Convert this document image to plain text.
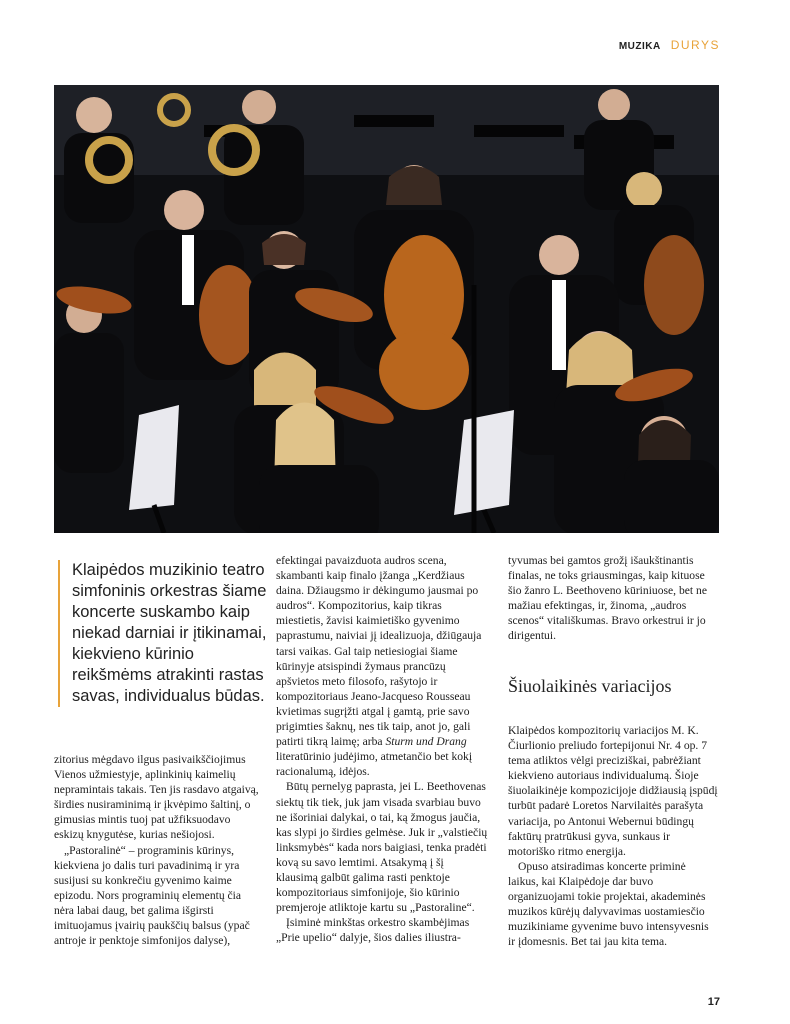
MUZIKA DURYS
Klaipėdos muzikinio teatro simfoninis orkestras šiame koncerte suskambo kaip niekad darniai ir įtikinamai, kiekvieno kūrinio reikšmėms atrakinti rastas savas, individualus būdas.

zitorius mėgdavo ilgus pasivaikščiojimus Vienos užmiestyje, aplinkinių kaimelių nepramintais takais. Ten jis rasdavo atgaivą, širdies nusiraminimą ir įkvėpimo šaltinį, o gimusias mintis tuoj pat užfiksuodavo eskizų knygutėse, kurias nešiojosi.

„Pastoralinė“ – programinis kūrinys, kiekviena jo dalis turi pavadinimą ir yra susijusi su konkrečiu gyvenimo kaime epizodu. Nors programinių elementų čia nėra labai daug, bet galima išgirsti imituojamus įvairių paukščių balsus (ypač antroje ir penktoje simfonijos dalyse),

efektingai pavaizduota audros scena, skambanti kaip finalo įžanga „Kerdžiaus daina. Džiaugsmo ir dėkingumo jausmai po audros“. Kompozitorius, kaip tikras miestietis, žavisi kaimietiško gyvenimo paprastumu, naiviai jį idealizuoja, džiūgauja tarsi vaikas. Gal taip netiesiogiai šiame kūrinyje atsispindi žymaus prancūzų apšvietos meto filosofo, rašytojo ir kompozitoriaus Jeano-Jacqueso Rousseau kvietimas sugrįžti atgal į gamtą, prie savo prigimties šaknų, nes tik taip, anot jo, gali patirti tikrą laimę; arba Sturm und Drang literatūrinio judėjimo, atmetančio bet kokį racionalumą, idėjos.

Būtų pernelyg paprasta, jei L. Beethovenas siektų tik tiek, juk jam visada svarbiau buvo ne išoriniai dalykai, o tai, ką žmogus jaučia, kas slypi jo širdies gelmėse. Juk ir „valstiečių linksmybės“ kada nors baigiasi, tenka pradėti kovą su savo lemtimi. Atsakymą į šį klausimą galbūt galima rasti penktoje kompozitoriaus simfonijoje, šio kūrinio premjeroje atliktoje kartu su „Pastoraline“.

Įsiminė minkštas orkestro skambėjimas „Prie upelio“ dalyje, šios dalies iliustra-

tyvumas bei gamtos grožį išaukštinantis finalas, ne toks griausmingas, kaip kituose šio žanro L. Beethoveno kūriniuose, bet ne mažiau efektingas, ir, žinoma, „audros scenos“ vitališkumas. Bravo orkestrui ir jo dirigentui.

Šiuolaikinės variacijos

Klaipėdos kompozitorių variacijos M. K. Čiurlionio preliudo fortepijonui Nr. 4 op. 7 tema atliktos vėlgi preciziškai, pabrėžiant kiekvieno autoriaus individualumą. Šioje šiuolaikinėje kompozicijoje didžiausią įspūdį turbūt padarė Loretos Narvilaitės parašyta variacija, po Antonui Webernui būdingų faktūrų pratrūkusi gyva, sunkaus ir motoriško ritmo energija.

Opuso atsiradimas koncerte priminė laikus, kai Klaipėdoje dar buvo organizuojami tokie projektai, akademinės muzikos kūrėjų dalyvavimas uostamiesčio muzikiniame gyvenime buvo intensyvesnis ir įdomesnis. Bet tai jau kita tema.

17
